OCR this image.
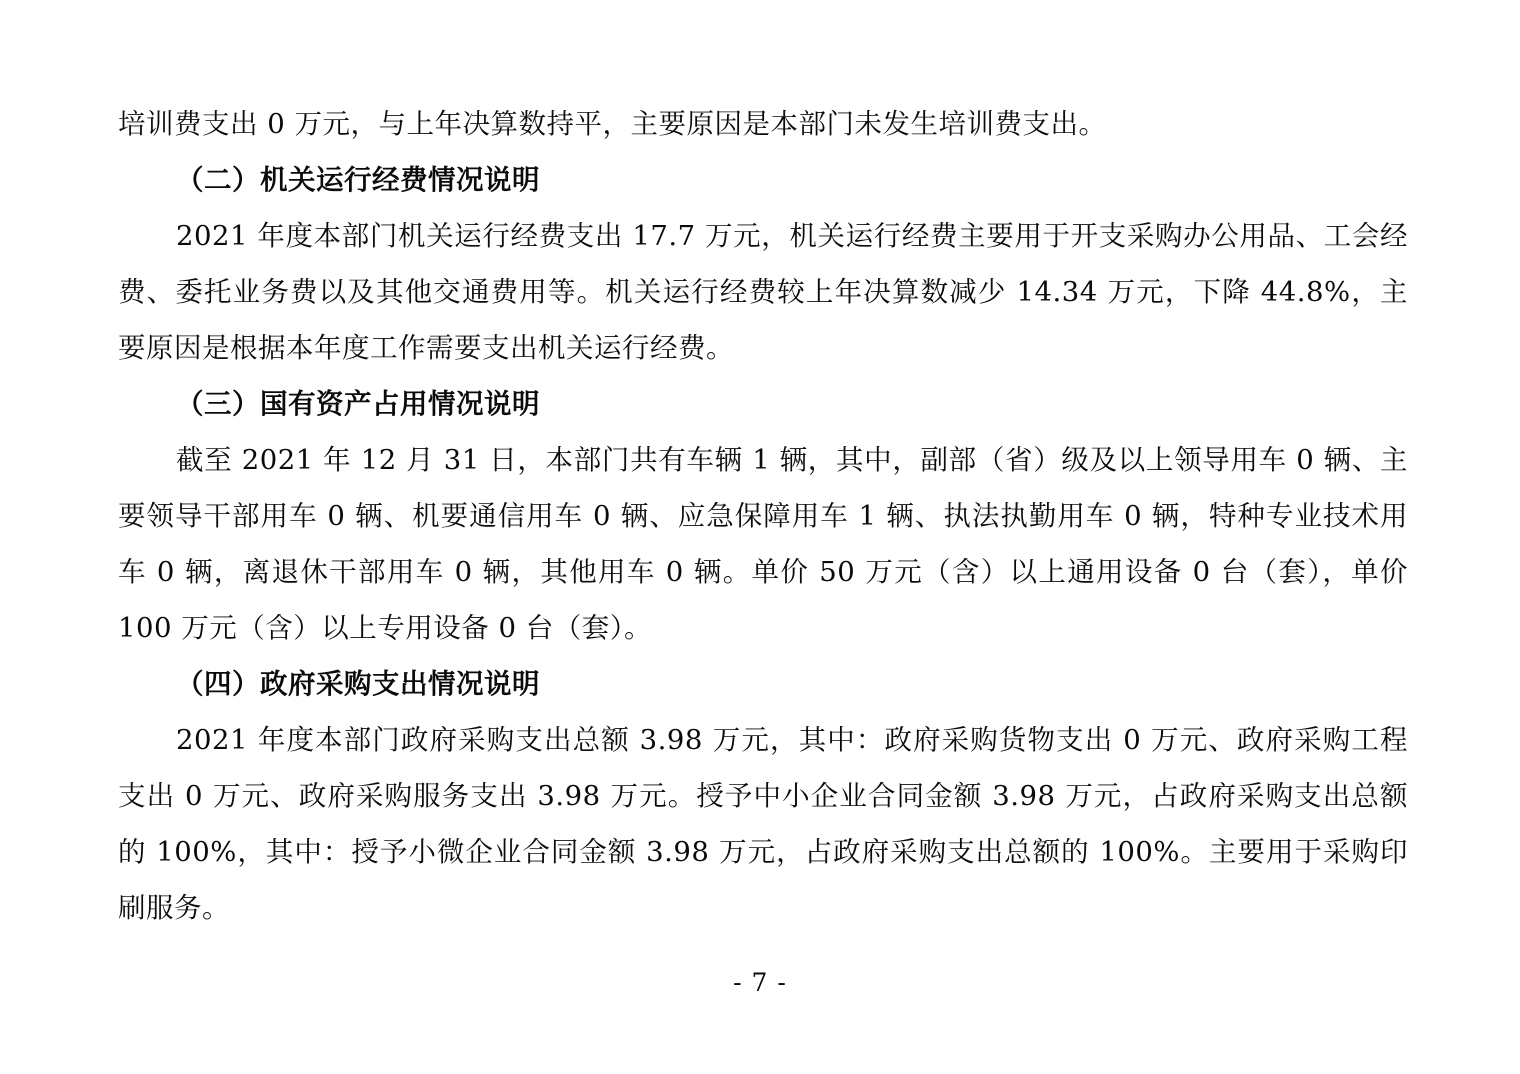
培训费支出 0 万元，与上年决算数持平，主要原因是本部门未发生培训费支出。

（二）机关运行经费情况说明

2021 年度本部门机关运行经费支出 17.7 万元，机关运行经费主要用于开支采购办公用品、工会经费、委托业务费以及其他交通费用等。机关运行经费较上年决算数减少 14.34 万元，下降 44.8%，主要原因是根据本年度工作需要支出机关运行经费。

（三）国有资产占用情况说明

截至 2021 年 12 月 31 日，本部门共有车辆 1 辆，其中，副部（省）级及以上领导用车 0 辆、主要领导干部用车 0 辆、机要通信用车 0 辆、应急保障用车 1 辆、执法执勤用车 0 辆，特种专业技术用车 0 辆，离退休干部用车 0 辆，其他用车 0 辆。单价 50 万元（含）以上通用设备 0 台（套），单价 100 万元（含）以上专用设备 0 台（套）。

（四）政府采购支出情况说明

2021 年度本部门政府采购支出总额 3.98 万元，其中：政府采购货物支出 0 万元、政府采购工程支出 0 万元、政府采购服务支出 3.98 万元。授予中小企业合同金额 3.98 万元，占政府采购支出总额的 100%，其中：授予小微企业合同金额 3.98 万元，占政府采购支出总额的 100%。主要用于采购印刷服务。

- 7 -
